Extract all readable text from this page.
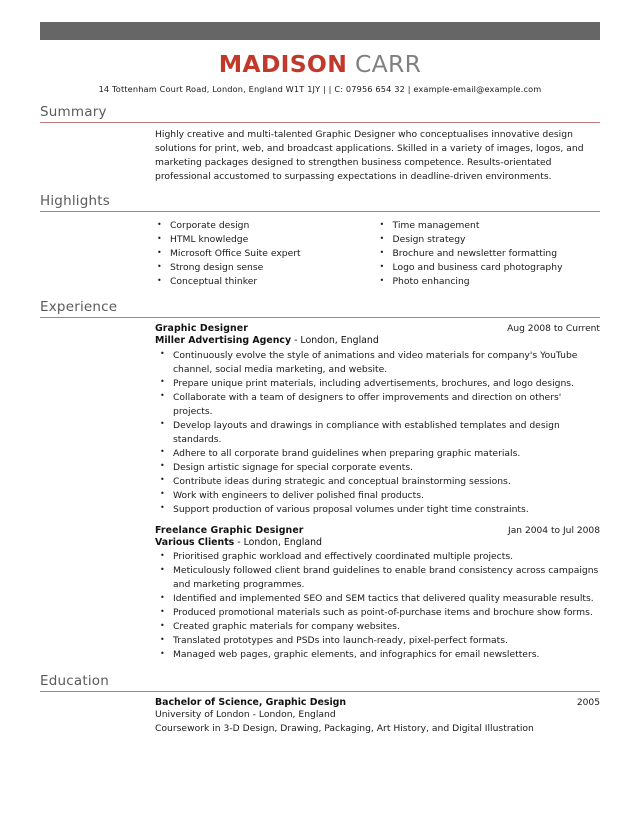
MADISON CARR
14 Tottenham Court Road, London, England W1T 1JY | | C: 07956 654 32 | example-email@example.com
Summary
Highly creative and multi-talented Graphic Designer who conceptualises innovative design solutions for print, web, and broadcast applications. Skilled in a variety of images, logos, and marketing packages designed to strengthen business competence. Results-orientated professional accustomed to surpassing expectations in deadline-driven environments.
Highlights
• Corporate design
• HTML knowledge
• Microsoft Office Suite expert
• Strong design sense
• Conceptual thinker
• Time management
• Design strategy
• Brochure and newsletter formatting
• Logo and business card photography
• Photo enhancing
Experience
Graphic Designer	Aug 2008 to Current
Miller Advertising Agency - London, England
• Continuously evolve the style of animations and video materials for company's YouTube channel, social media marketing, and website.
• Prepare unique print materials, including advertisements, brochures, and logo designs.
• Collaborate with a team of designers to offer improvements and direction on others' projects.
• Develop layouts and drawings in compliance with established templates and design standards.
• Adhere to all corporate brand guidelines when preparing graphic materials.
• Design artistic signage for special corporate events.
• Contribute ideas during strategic and conceptual brainstorming sessions.
• Work with engineers to deliver polished final products.
• Support production of various proposal volumes under tight time constraints.
Freelance Graphic Designer	Jan 2004 to Jul 2008
Various Clients - London, England
• Prioritised graphic workload and effectively coordinated multiple projects.
• Meticulously followed client brand guidelines to enable brand consistency across campaigns and marketing programmes.
• Identified and implemented SEO and SEM tactics that delivered quality measurable results.
• Produced promotional materials such as point-of-purchase items and brochure show forms.
• Created graphic materials for company websites.
• Translated prototypes and PSDs into launch-ready, pixel-perfect formats.
• Managed web pages, graphic elements, and infographics for email newsletters.
Education
Bachelor of Science, Graphic Design	2005
University of London - London, England
Coursework in 3-D Design, Drawing, Packaging, Art History, and Digital Illustration
